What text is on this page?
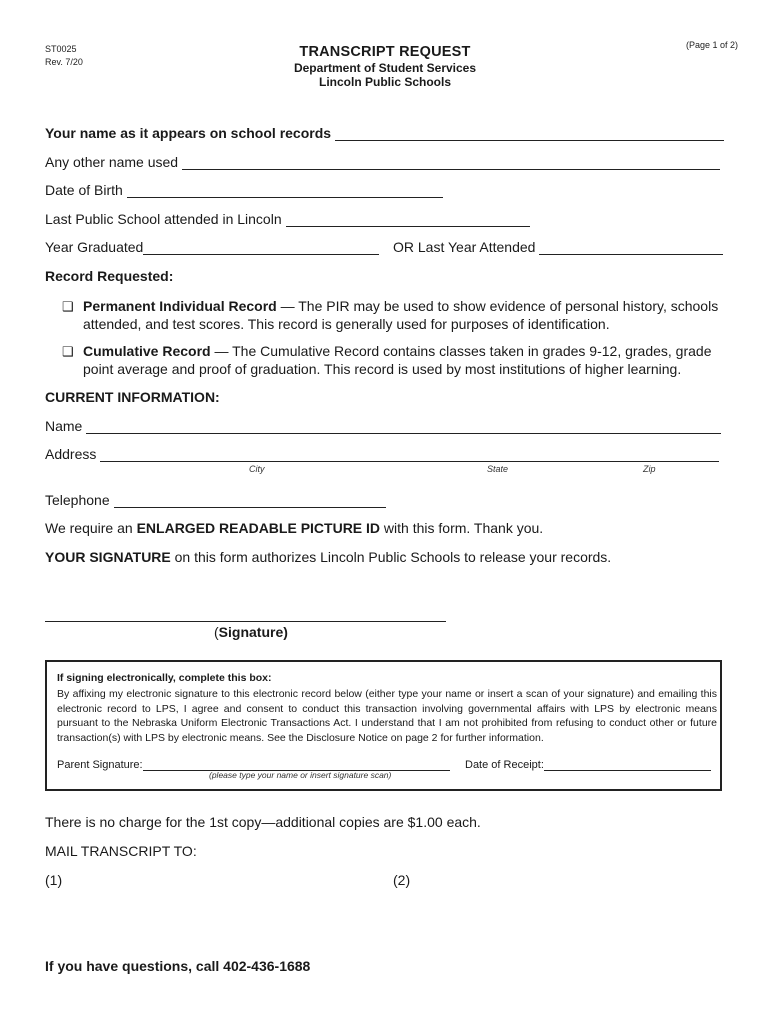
ST0025
Rev. 7/20
(Page 1 of 2)
TRANSCRIPT REQUEST
Department of Student Services
Lincoln Public Schools
Your name as it appears on school records
Any other name used
Date of Birth
Last Public School attended in Lincoln
Year Graduated	OR Last Year Attended
Record Requested:
❑ Permanent Individual Record — The PIR may be used to show evidence of personal history, schools
attended, and test scores. This record is generally used for purposes of identification.
❑ Cumulative Record — The Cumulative Record contains classes taken in grades 9-12, grades, grade
point average and proof of graduation. This record is used by most institutions of higher learning.
CURRENT INFORMATION:
Name
Address
City	State	Zip
Telephone
We require an ENLARGED READABLE PICTURE ID with this form. Thank you.
YOUR SIGNATURE on this form authorizes Lincoln Public Schools to release your records.
(Signature)
If signing electronically, complete this box:
By affixing my electronic signature to this electronic record below (either type your name or insert a scan of your signature) and emailing this electronic record to LPS, I agree and consent to conduct this transaction involving governmental affairs with LPS by electronic means pursuant to the Nebraska Uniform Electronic Transactions Act. I understand that I am not prohibited from refusing to conduct other or future transaction(s) with LPS by electronic means. See the Disclosure Notice on page 2 for further information.
Parent Signature:	Date of Receipt:
(please type your name or insert signature scan)
There is no charge for the 1st copy—additional copies are $1.00 each.
MAIL TRANSCRIPT TO:
(1)	(2)
If you have questions, call 402-436-1688
